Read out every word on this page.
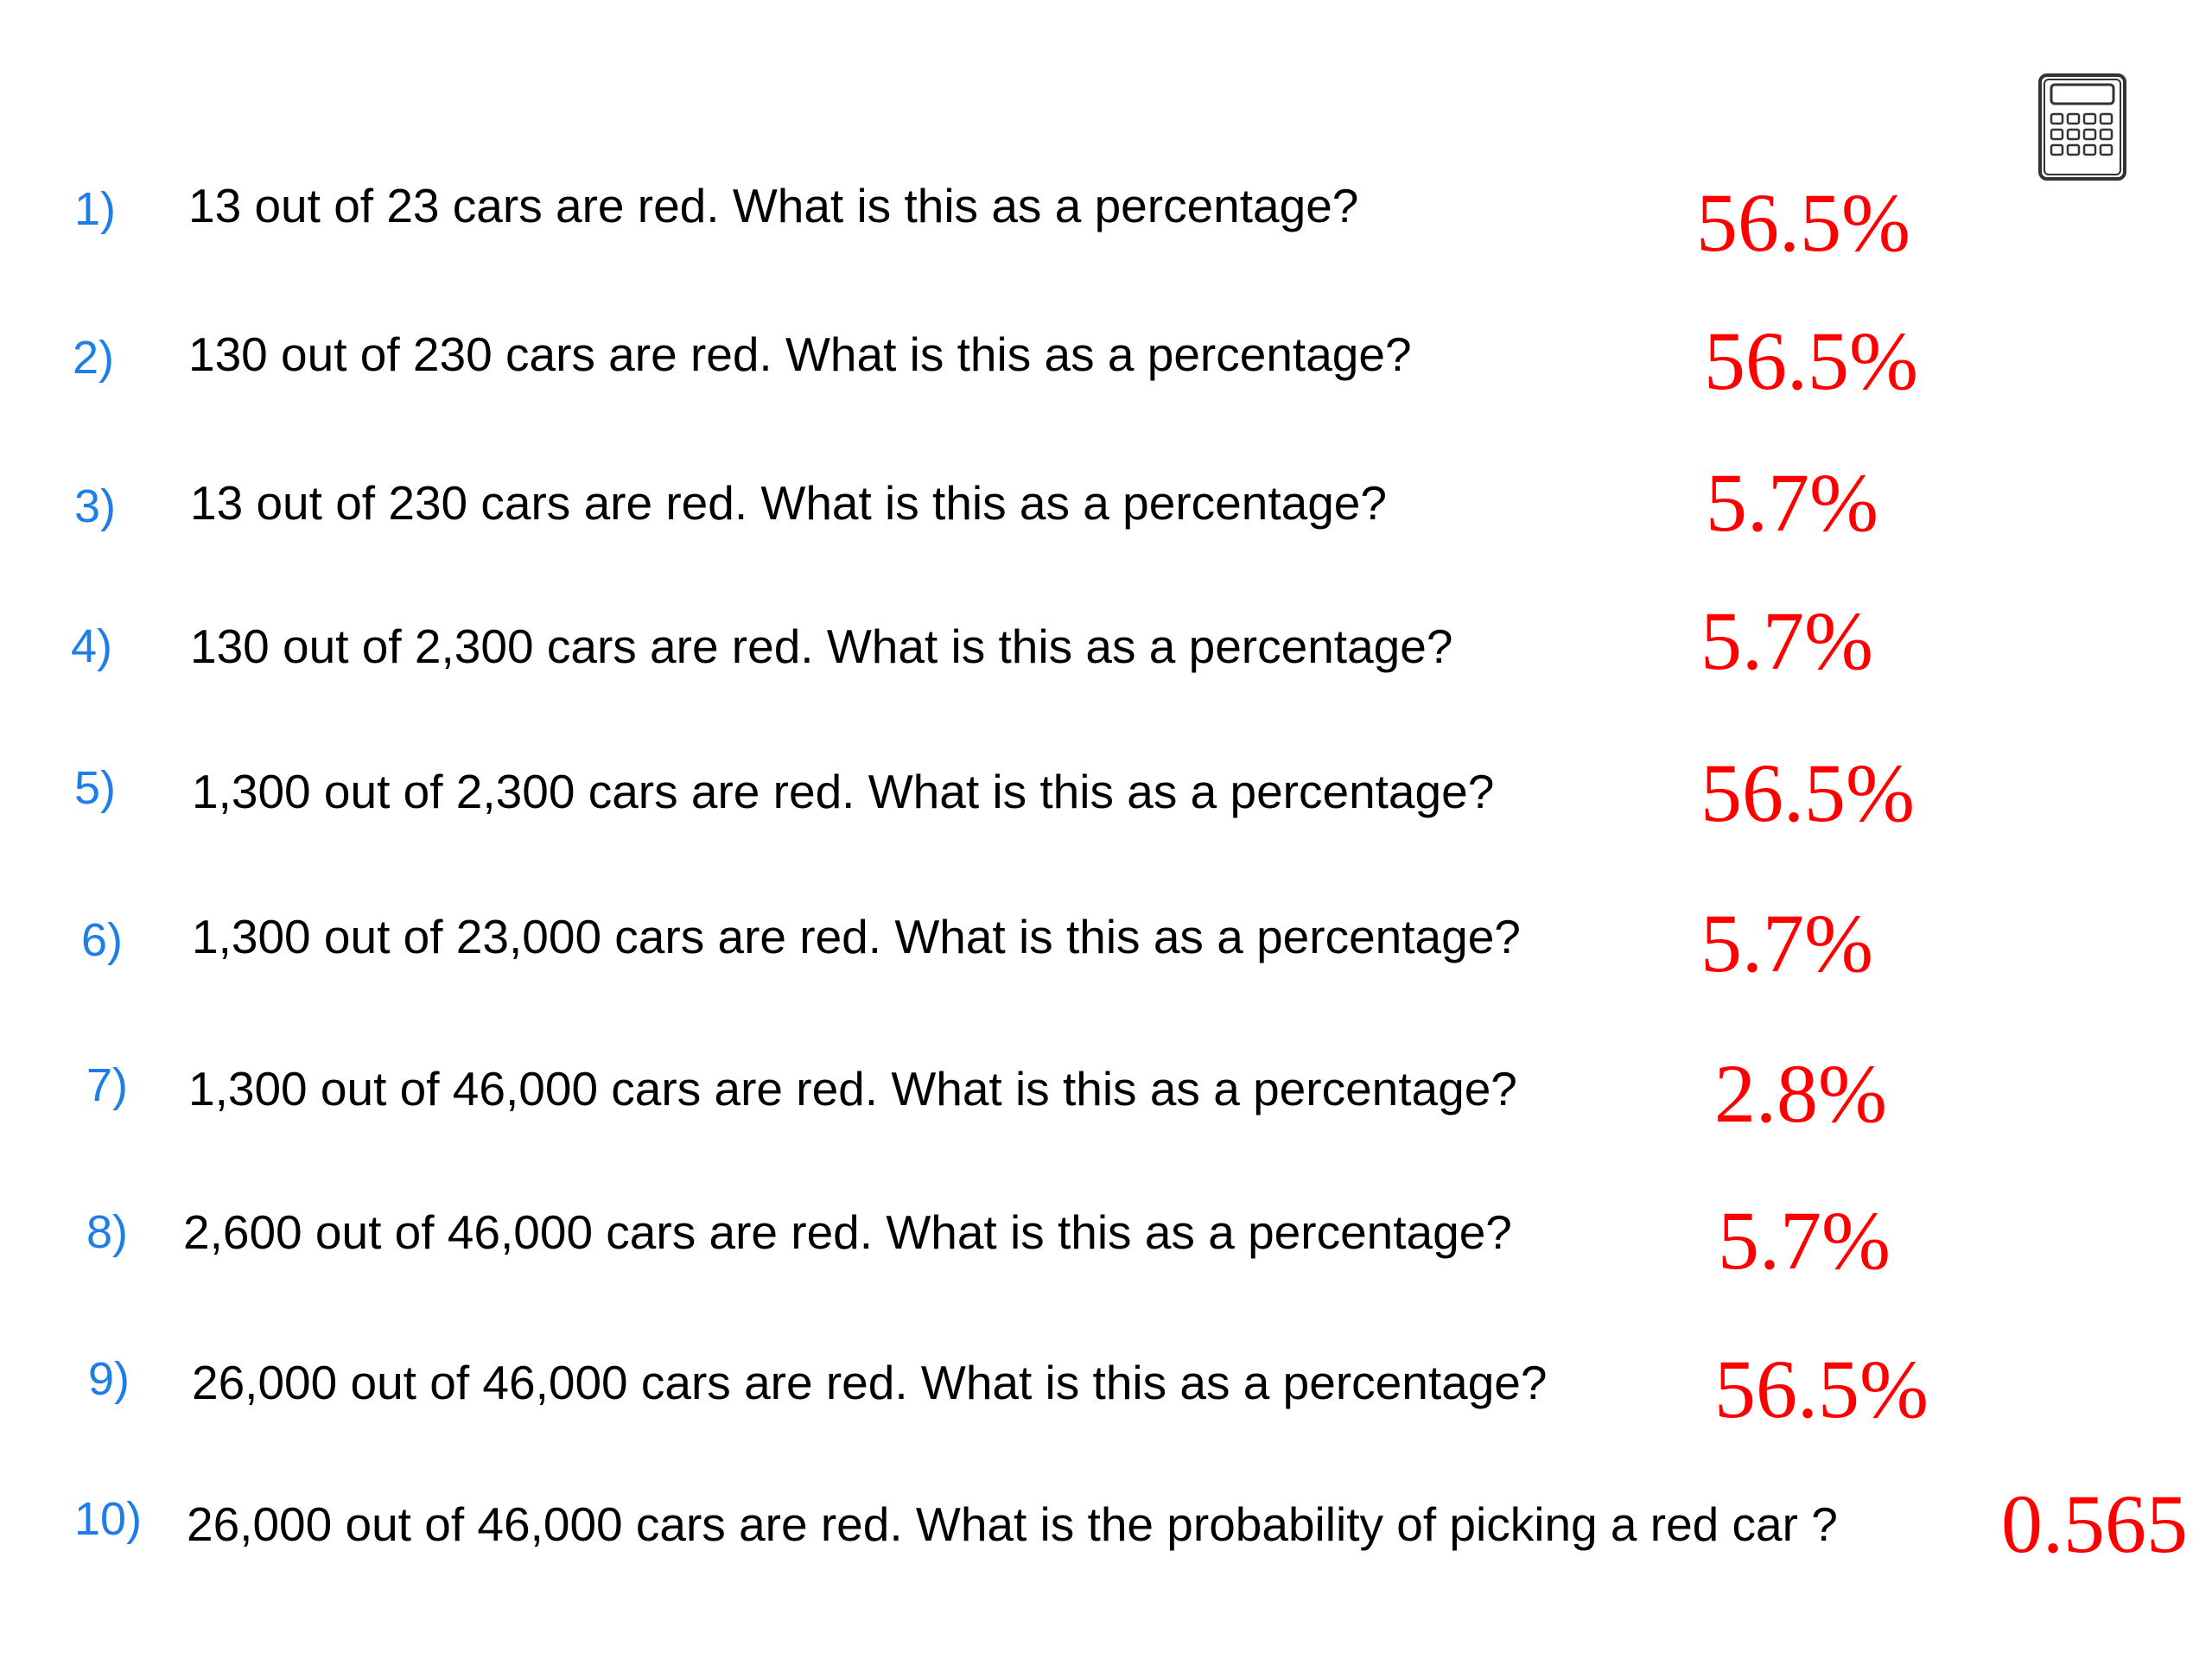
1) 13 out of 23 cars are red. What is this as a percentage?	56.5%
2) 130 out of 230 cars are red. What is this as a percentage?	56.5%
3) 13 out of 230 cars are red. What is this as a percentage?	5.7%
4) 130 out of 2,300 cars are red. What is this as a percentage?	5.7%
5) 1,300 out of 2,300 cars are red. What is this as a percentage? 56.5%
6) 1,300 out of 23,000 cars are red. What is this as a percentage? 5.7%
7) 1,300 out of 46,000 cars are red. What is this as a percentage? 2.8%
8) 2,600 out of 46,000 cars are red. What is this as a percentage? 5.7%
9) 26,000 out of 46,000 cars are red. What is this as a percentage? 56.5%
10) 26,000 out of 46,000 cars are red. What is the probability of picking a red car ? 0.565
